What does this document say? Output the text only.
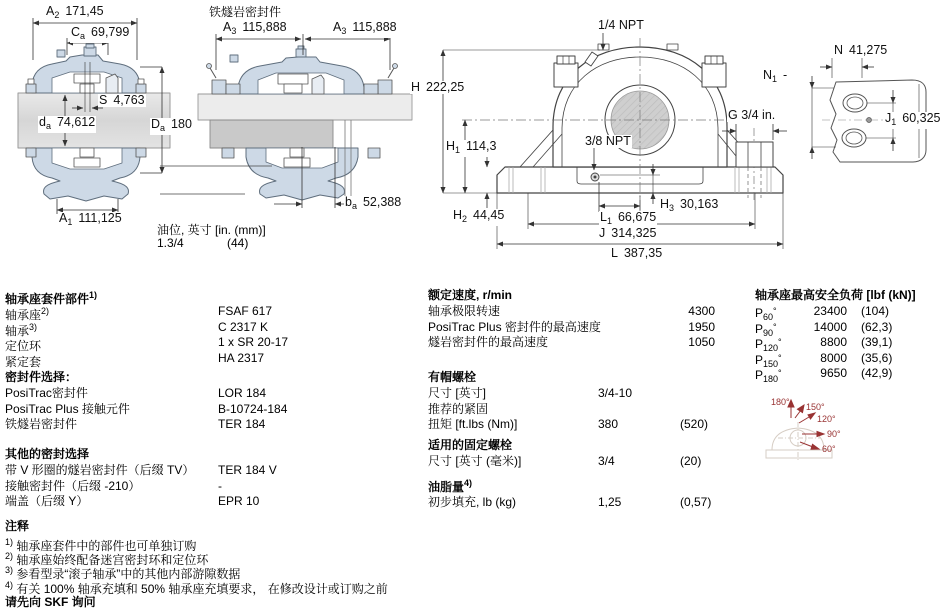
$A_2$ 171,45
$C_a$ 69,799
S 4,763
$d_a$ 74,612	$D_a$ 180
$A_1$ 111,125
铁燧岩密封件
$A_3$ 115,888	$A_3$ 115,888
$b_a$ 52,388
油位, 英寸 [in. (mm)]
1.3/4	(44)
1/4 NPT
H 222,25
$N_1$ -
G 3/4 in.
$H_1$ 114,3	3/8 NPT
$H_2$ 44,45
$H_3$ 30,163
$L_1$ 66,675
J 314,325
L 387,35
N 41,275
$J_1$ 60,325
轴承座套件部件$^{1)}$
轴承座$^{2)}$	FSAF 617
轴承$^{3)}$	C 2317 K
定位环	1 x SR 20-17
紧定套	HA 2317
密封件选择：
PosiTrac密封件	LOR 184
PosiTrac Plus 接触元件	B-10724-184
铁燧岩密封件	TER 184
其他的密封选择
带 V 形圈的燧岩密封件（后缀 TV） TER 184 V
接触密封件（后缀 -210）	-
端盖（后缀 Y）	EPR 10
注释
$^{1)}$ 轴承座套件中的部件也可单独订购
$^{2)}$ 轴承座始终配备迷宫密封环和定位环
$^{3)}$ 参看型录“滚子轴承”中的其他内部游隙数据
$^{4)}$ 有关 100% 轴承充填和 50% 轴承座充填要求， 在修改设计或订购之前
请先向 SKF 询问
额定速度, r/min
轴承极限转速	4300
PosiTrac Plus 密封件的最高速度	1950
燧岩密封件的最高速度	1050
有帽螺栓
尺寸 [英寸]	3/4-10
推荐的紧固
扭矩 [ft.lbs (Nm)]	380	(520)
适用的固定螺栓
尺寸 [英寸 (毫米)]	3/4	(20)
油脂量$^{4)}$
初步填充, lb (kg)	1,25	(0,57)
轴承座最高安全负荷 [lbf (kN)]
$P_{60}^\circ$	23400 (104)
$P_{90}^\circ$	14000 (62,3)
$P_{120}^\circ$	8800 (39,1)
$P_{150}^\circ$	8000 (35,6)
$P_{180}^\circ$	9650 (42,9)
180° 150°
120°
90°
60°
